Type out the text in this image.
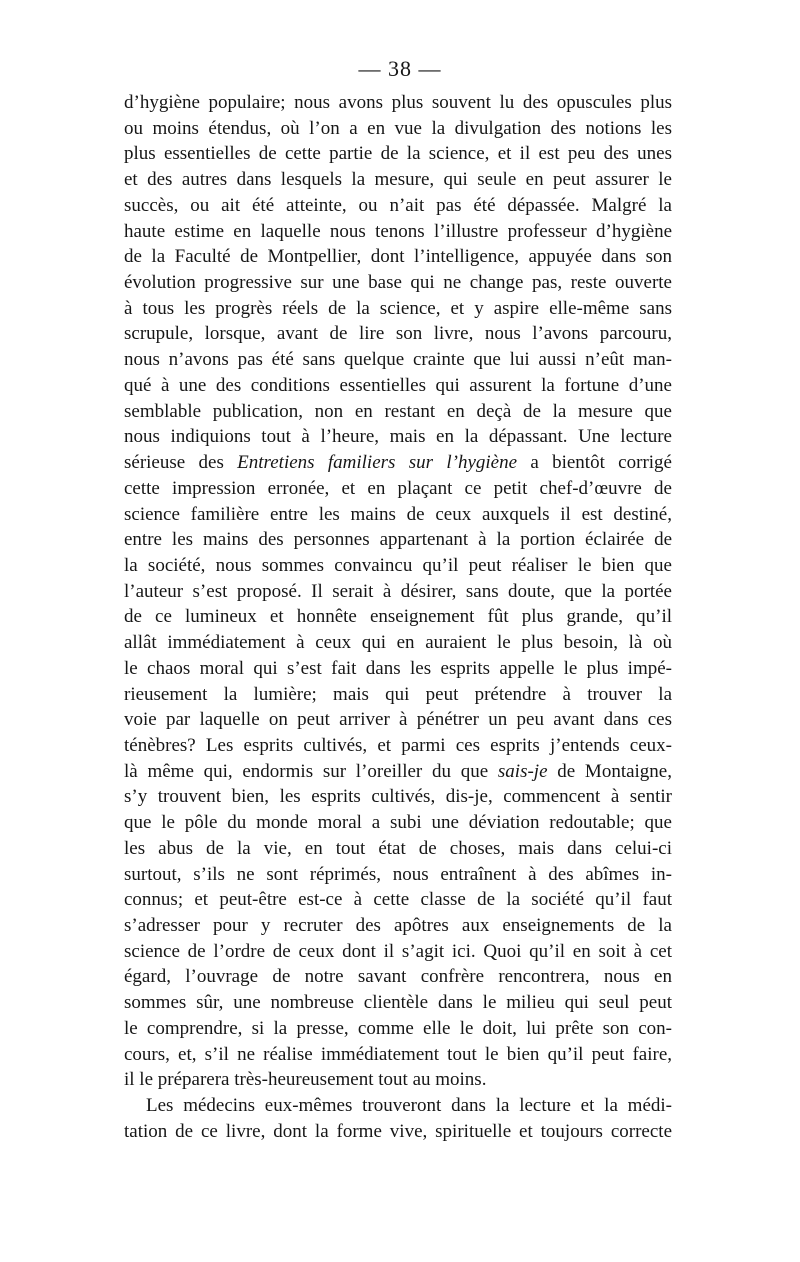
— 38 —
d’hygiène populaire; nous avons plus souvent lu des opuscules plus
ou moins étendus, où l’on a en vue la divulgation des notions les
plus essentielles de cette partie de la science, et il est peu des unes
et des autres dans lesquels la mesure, qui seule en peut assurer le
succès, ou ait été atteinte, ou n’ait pas été dépassée. Malgré la
haute estime en laquelle nous tenons l’illustre professeur d’hygiène
de la Faculté de Montpellier, dont l’intelligence, appuyée dans son
évolution progressive sur une base qui ne change pas, reste ouverte
à tous les progrès réels de la science, et y aspire elle-même sans
scrupule, lorsque, avant de lire son livre, nous l’avons parcouru,
nous n’avons pas été sans quelque crainte que lui aussi n’eût man-
qué à une des conditions essentielles qui assurent la fortune d’une
semblable publication, non en restant en deçà de la mesure que
nous indiquions tout à l’heure, mais en la dépassant. Une lecture
sérieuse des Entretiens familiers sur l’hygiène a bientôt corrigé
cette impression erronée, et en plaçant ce petit chef-d’œuvre de
science familière entre les mains de ceux auxquels il est destiné,
entre les mains des personnes appartenant à la portion éclairée de
la société, nous sommes convaincu qu’il peut réaliser le bien que
l’auteur s’est proposé. Il serait à désirer, sans doute, que la portée
de ce lumineux et honnête enseignement fût plus grande, qu’il
allât immédiatement à ceux qui en auraient le plus besoin, là où
le chaos moral qui s’est fait dans les esprits appelle le plus impé-
rieusement la lumière; mais qui peut prétendre à trouver la
voie par laquelle on peut arriver à pénétrer un peu avant dans ces
ténèbres? Les esprits cultivés, et parmi ces esprits j’entends ceux-
là même qui, endormis sur l’oreiller du que sais-je de Montaigne,
s’y trouvent bien, les esprits cultivés, dis-je, commencent à sentir
que le pôle du monde moral a subi une déviation redoutable; que
les abus de la vie, en tout état de choses, mais dans celui-ci
surtout, s’ils ne sont réprimés, nous entraînent à des abîmes in-
connus; et peut-être est-ce à cette classe de la société qu’il faut
s’adresser pour y recruter des apôtres aux enseignements de la
science de l’ordre de ceux dont il s’agit ici. Quoi qu’il en soit à cet
égard, l’ouvrage de notre savant confrère rencontrera, nous en
sommes sûr, une nombreuse clientèle dans le milieu qui seul peut
le comprendre, si la presse, comme elle le doit, lui prête son con-
cours, et, s’il ne réalise immédiatement tout le bien qu’il peut faire,
il le préparera très-heureusement tout au moins.
Les médecins eux-mêmes trouveront dans la lecture et la médi-
tation de ce livre, dont la forme vive, spirituelle et toujours correcte
